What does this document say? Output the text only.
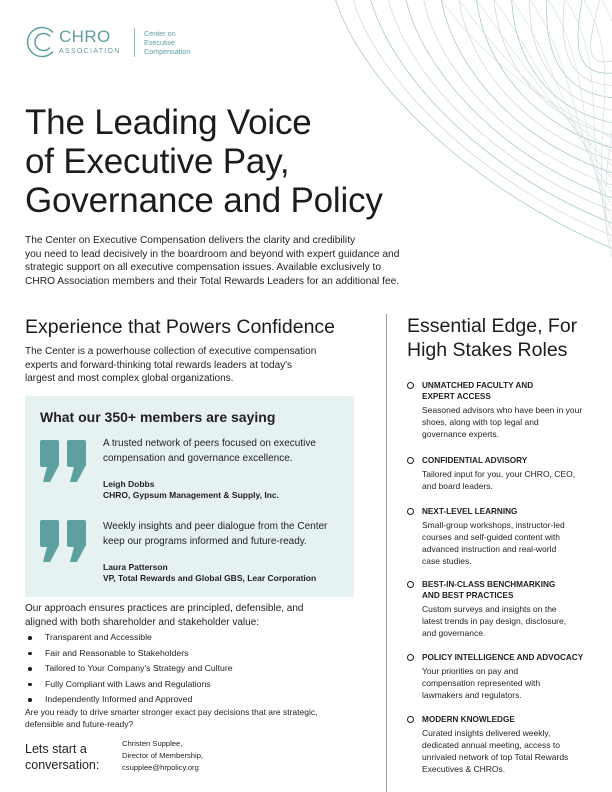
CHRO
ASSOCIATION
Center on
Executive
Compensation
The Leading Voice
of Executive Pay,
Governance and Policy

The Center on Executive Compensation delivers the clarity and credibility
you need to lead decisively in the boardroom and beyond with expert guidance and
strategic support on all executive compensation issues. Available exclusively to
CHRO Association members and their Total Rewards Leaders for an additional fee.

Experience that Powers Confidence

The Center is a powerhouse collection of executive compensation
experts and forward-thinking total rewards leaders at today's
largest and most complex global organizations.

What our 350+ members are saying

A trusted network of peers focused on executive
compensation and governance excellence.

Leigh Dobbs
CHRO, Gypsum Management & Supply, Inc.

Weekly insights and peer dialogue from the Center
keep our programs informed and future-ready.

Laura Patterson
VP, Total Rewards and Global GBS, Lear Corporation

Our approach ensures practices are principled, defensible, and
aligned with both shareholder and stakeholder value:

Transparent and Accessible
Fair and Reasonable to Stakeholders
Tailored to Your Company's Strategy and Culture
Fully Compliant with Laws and Regulations
Independently Informed and Approved

Are you ready to drive smarter stronger exact pay decisions that are strategic,
defensible and future-ready?

Lets start a
conversation:

Christen Supplee,
Director of Membership,
csupplee@hrpolicy.org
Essential Edge, For
High Stakes Roles
UNMATCHED FACULTY AND
EXPERT ACCESS
Seasoned advisors who have been in your
shoes, along with top legal and
governance experts.
CONFIDENTIAL ADVISORY
Tailored input for you, your CHRO, CEO,
and board leaders.
NEXT-LEVEL LEARNING
Small-group workshops, instructor-led
courses and self-guided content with
advanced instruction and real-world
case studies.
BEST-IN-CLASS BENCHMARKING
AND BEST PRACTICES
Custom surveys and insights on the
latest trends in pay design, disclosure,
and governance.
POLICY INTELLIGENCE AND ADVOCACY
Your priorities on pay and
compensation represented with
lawmakers and regulators.
MODERN KNOWLEDGE
Curated insights delivered weekly,
dedicated annual meeting, access to
unrivaled network of top Total Rewards
Executives & CHROs.
